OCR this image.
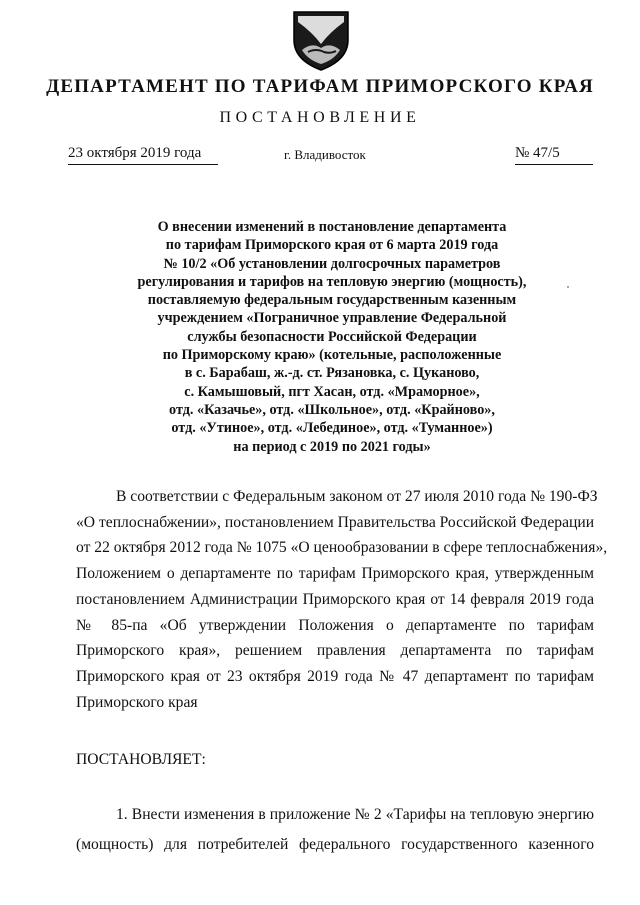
ДЕПАРТАМЕНТ ПО ТАРИФАМ ПРИМОРСКОГО КРАЯ
ПОСТАНОВЛЕНИЕ
23 октября 2019 года	г. Владивосток	№ 47/5
О внесении изменений в постановление департамента
по тарифам Приморского края от 6 марта 2019 года
№ 10/2 «Об установлении долгосрочных параметров
регулирования и тарифов на тепловую энергию (мощность),
поставляемую федеральным государственным казенным
учреждением «Пограничное управление Федеральной
службы безопасности Российской Федерации
по Приморскому краю» (котельные, расположенные
в с. Барабаш, ж.-д. ст. Рязановка, с. Цуканово,
с. Камышовый, пгт Хасан, отд. «Мраморное»,
отд. «Казачье», отд. «Школьное», отд. «Крайново»,
отд. «Утиное», отд. «Лебединое», отд. «Туманное»)
на период с 2019 по 2021 годы»
В соответствии с Федеральным законом от 27 июля 2010 года № 190-ФЗ
«О теплоснабжении», постановлением Правительства Российской Федерации
от 22 октября 2012 года № 1075 «О ценообразовании в сфере теплоснабжения»,
Положением о департаменте по тарифам Приморского края, утвержденным
постановлением Администрации Приморского края от 14 февраля 2019 года
№ 85-па «Об утверждении Положения о департаменте по тарифам
Приморского края», решением правления департамента по тарифам
Приморского края от 23 октября 2019 года № 47 департамент по тарифам
Приморского края
ПОСТАНОВЛЯЕТ:
1. Внести изменения в приложение № 2 «Тарифы на тепловую энергию
(мощность) для потребителей федерального государственного казенного
